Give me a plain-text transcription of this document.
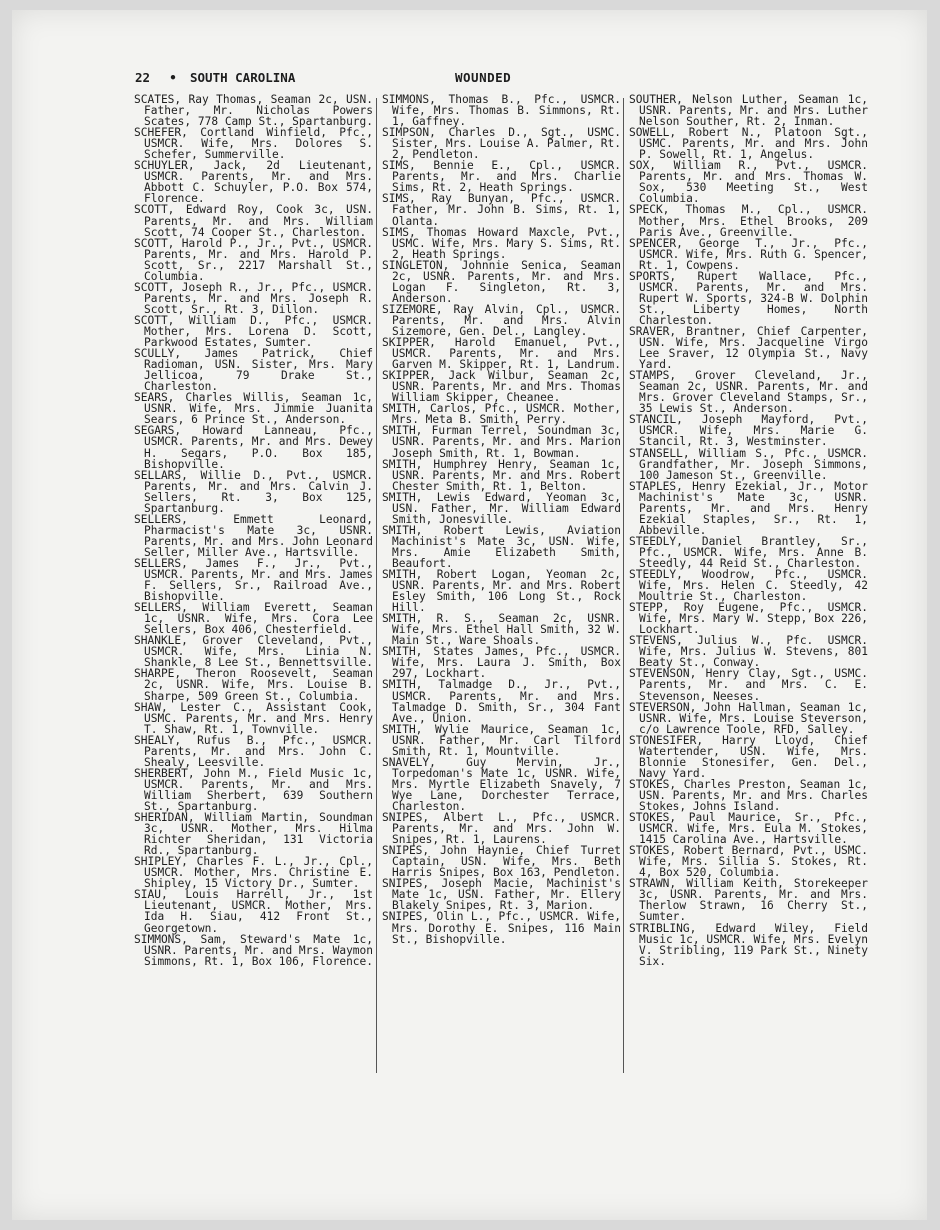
22 • SOUTH CAROLINA	WOUNDED

SCATES, Ray Thomas, Seaman 2c, USN. Father, Mr. Nicholas Powers Scates, 778 Camp St., Spartanburg.

SCHEFER, Cortland Winfield, Pfc., USMCR. Wife, Mrs. Dolores S. Schefer, Summerville.

SCHUYLER, Jack, 2d Lieutenant, USMCR. Parents, Mr. and Mrs. Abbott C. Schuyler, P.O. Box 574, Florence.

SCOTT, Edward Roy, Cook 3c, USN. Parents, Mr. and Mrs. William Scott, 74 Cooper St., Charleston.

SCOTT, Harold P., Jr., Pvt., USMCR. Parents, Mr. and Mrs. Harold P. Scott, Sr., 2217 Marshall St., Columbia.

SCOTT, Joseph R., Jr., Pfc., USMCR. Parents, Mr. and Mrs. Joseph R. Scott, Sr., Rt. 3, Dillon.

SCOTT, William D., Pfc., USMCR. Mother, Mrs. Lorena D. Scott, Parkwood Estates, Sumter.

SCULLY, James Patrick, Chief Radioman, USN. Sister, Mrs. Mary Jellicoa, 79 Drake St., Charleston.

SEARS, Charles Willis, Seaman 1c, USNR. Wife, Mrs. Jimmie Juanita Sears, 6 Prince St., Anderson.

SEGARS, Howard Lanneau, Pfc., USMCR. Parents, Mr. and Mrs. Dewey H. Segars, P.O. Box 185, Bishopville.

SELLARS, Willie D., Pvt., USMCR. Parents, Mr. and Mrs. Calvin J. Sellers, Rt. 3, Box 125, Spartanburg.

SELLERS, Emmett Leonard, Pharmacist's Mate 3c, USNR. Parents, Mr. and Mrs. John Leonard Seller, Miller Ave., Hartsville.

SELLERS, James F., Jr., Pvt., USMCR. Parents, Mr. and Mrs. James F. Sellers, Sr., Railroad Ave., Bishopville.

SELLERS, William Everett, Seaman 1c, USNR. Wife, Mrs. Cora Lee Sellers, Box 406, Chesterfield.

SHANKLE, Grover Cleveland, Pvt., USMCR. Wife, Mrs. Linia N. Shankle, 8 Lee St., Bennettsville.

SHARPE, Theron Roosevelt, Seaman 2c, USNR. Wife, Mrs. Louise B. Sharpe, 509 Green St., Columbia.

SHAW, Lester C., Assistant Cook, USMC. Parents, Mr. and Mrs. Henry T. Shaw, Rt. 1, Townville.

SHEALY, Rufus B., Pfc., USMCR. Parents, Mr. and Mrs. John C. Shealy, Leesville.

SHERBERT, John M., Field Music 1c, USMCR. Parents, Mr. and Mrs. William Sherbert, 639 Southern St., Spartanburg.

SHERIDAN, William Martin, Soundman 3c, USNR. Mother, Mrs. Hilma Richter Sheridan, 131 Victoria Rd., Spartanburg.

SHIPLEY, Charles F. L., Jr., Cpl., USMCR. Mother, Mrs. Christine E. Shipley, 15 Victory Dr., Sumter.

SIAU, Louis Harrell, Jr., 1st Lieutenant, USMCR. Mother, Mrs. Ida H. Siau, 412 Front St., Georgetown.

SIMMONS, Sam, Steward's Mate 1c, USNR. Parents, Mr. and Mrs. Waymon Simmons, Rt. 1, Box 106, Florence.

SIMMONS, Thomas B., Pfc., USMCR. Wife, Mrs. Thomas B. Simmons, Rt. 1, Gaffney.

SIMPSON, Charles D., Sgt., USMC. Sister, Mrs. Louise A. Palmer, Rt. 2, Pendleton.

SIMS, Bennie E., Cpl., USMCR. Parents, Mr. and Mrs. Charlie Sims, Rt. 2, Heath Springs.

SIMS, Ray Bunyan, Pfc., USMCR. Father, Mr. John B. Sims, Rt. 1, Olanta.

SIMS, Thomas Howard Maxcle, Pvt., USMC. Wife, Mrs. Mary S. Sims, Rt. 2, Heath Springs.

SINGLETON, Johnnie Senica, Seaman 2c, USNR. Parents, Mr. and Mrs. Logan F. Singleton, Rt. 3, Anderson.

SIZEMORE, Ray Alvin, Cpl., USMCR. Parents, Mr. and Mrs. Alvin Sizemore, Gen. Del., Langley.

SKIPPER, Harold Emanuel, Pvt., USMCR. Parents, Mr. and Mrs. Garven M. Skipper, Rt. 1, Landrum.

SKIPPER, Jack Wilbur, Seaman 2c, USNR. Parents, Mr. and Mrs. Thomas William Skipper, Cheanee.

SMITH, Carlos, Pfc., USMCR. Mother, Mrs. Meta B. Smith, Perry.

SMITH, Furman Terrel, Soundman 3c, USNR. Parents, Mr. and Mrs. Marion Joseph Smith, Rt. 1, Bowman.

SMITH, Humphrey Henry, Seaman 1c, USNR. Parents, Mr. and Mrs. Robert Chester Smith, Rt. 1, Belton.

SMITH, Lewis Edward, Yeoman 3c, USN. Father, Mr. William Edward Smith, Jonesville.

SMITH, Robert Lewis, Aviation Machinist's Mate 3c, USN. Wife, Mrs. Amie Elizabeth Smith, Beaufort.

SMITH, Robert Logan, Yeoman 2c, USNR. Parents, Mr. and Mrs. Robert Esley Smith, 106 Long St., Rock Hill.

SMITH, R. S., Seaman 2c, USNR. Wife, Mrs. Ethel Hall Smith, 32 W. Main St., Ware Shoals.

SMITH, States James, Pfc., USMCR. Wife, Mrs. Laura J. Smith, Box 297, Lockhart.

SMITH, Talmadge D., Jr., Pvt., USMCR. Parents, Mr. and Mrs. Talmadge D. Smith, Sr., 304 Fant Ave., Union.

SMITH, Wylie Maurice, Seaman 1c, USNR. Father, Mr. Carl Tilford Smith, Rt. 1, Mountville.

SNAVELY, Guy Mervin, Jr., Torpedoman's Mate 1c, USNR. Wife, Mrs. Myrtle Elizabeth Snavely, 7 Wye Lane, Dorchester Terrace, Charleston.

SNIPES, Albert L., Pfc., USMCR. Parents, Mr. and Mrs. John W. Snipes, Rt. 1, Laurens.

SNIPES, John Haynie, Chief Turret Captain, USN. Wife, Mrs. Beth Harris Snipes, Box 163, Pendleton.

SNIPES, Joseph Macie, Machinist's Mate 1c, USN. Father, Mr. Ellery Blakely Snipes, Rt. 3, Marion.

SNIPES, Olin L., Pfc., USMCR. Wife, Mrs. Dorothy E. Snipes, 116 Main St., Bishopville.

SOUTHER, Nelson Luther, Seaman 1c, USNR. Parents, Mr. and Mrs. Luther Nelson Souther, Rt. 2, Inman.

SOWELL, Robert N., Platoon Sgt., USMC. Parents, Mr. and Mrs. John P. Sowell, Rt. 1, Angelus.

SOX, William R., Pvt., USMCR. Parents, Mr. and Mrs. Thomas W. Sox, 530 Meeting St., West Columbia.

SPECK, Thomas M., Cpl., USMCR. Mother, Mrs. Ethel Brooks, 209 Paris Ave., Greenville.

SPENCER, George T., Jr., Pfc., USMCR. Wife, Mrs. Ruth G. Spencer, Rt. 1, Cowpens.

SPORTS, Rupert Wallace, Pfc., USMCR. Parents, Mr. and Mrs. Rupert W. Sports, 324-B W. Dolphin St., Liberty Homes, North Charleston.

SRAVER, Brantner, Chief Carpenter, USN. Wife, Mrs. Jacqueline Virgo Lee Sraver, 12 Olympia St., Navy Yard.

STAMPS, Grover Cleveland, Jr., Seaman 2c, USNR. Parents, Mr. and Mrs. Grover Cleveland Stamps, Sr., 35 Lewis St., Anderson.

STANCIL, Joseph Mayford, Pvt., USMCR. Wife, Mrs. Marie G. Stancil, Rt. 3, Westminster.

STANSELL, William S., Pfc., USMCR. Grandfather, Mr. Joseph Simmons, 100 Jameson St., Greenville.

STAPLES, Henry Ezekial, Jr., Motor Machinist's Mate 3c, USNR. Parents, Mr. and Mrs. Henry Ezekial Staples, Sr., Rt. 1, Abbeville.

STEEDLY, Daniel Brantley, Sr., Pfc., USMCR. Wife, Mrs. Anne B. Steedly, 44 Reid St., Charleston.

STEEDLY, Woodrow, Pfc., USMCR. Wife, Mrs. Helen C. Steedly, 42 Moultrie St., Charleston.

STEPP, Roy Eugene, Pfc., USMCR. Wife, Mrs. Mary W. Stepp, Box 226, Lockhart.

STEVENS, Julius W., Pfc. USMCR. Wife, Mrs. Julius W. Stevens, 801 Beaty St., Conway.

STEVENSON, Henry Clay, Sgt., USMC. Parents, Mr. and Mrs. C. E. Stevenson, Neeses.

STEVERSON, John Hallman, Seaman 1c, USNR. Wife, Mrs. Louise Steverson, c/o Lawrence Toole, RFD, Salley.

STONESIFER, Harry Lloyd, Chief Watertender, USN. Wife, Mrs. Blonnie Stonesifer, Gen. Del., Navy Yard.

STOKES, Charles Preston, Seaman 1c, USN. Parents, Mr. and Mrs. Charles Stokes, Johns Island.

STOKES, Paul Maurice, Sr., Pfc., USMCR. Wife, Mrs. Eula M. Stokes, 1415 Carolina Ave., Hartsville.

STOKES, Robert Bernard, Pvt., USMC. Wife, Mrs. Sillia S. Stokes, Rt. 4, Box 520, Columbia.

STRAWN, William Keith, Storekeeper 3c, USNR. Parents, Mr. and Mrs. Therlow Strawn, 16 Cherry St., Sumter.

STRIBLING, Edward Wiley, Field Music 1c, USMCR. Wife, Mrs. Evelyn V. Stribling, 119 Park St., Ninety Six.
